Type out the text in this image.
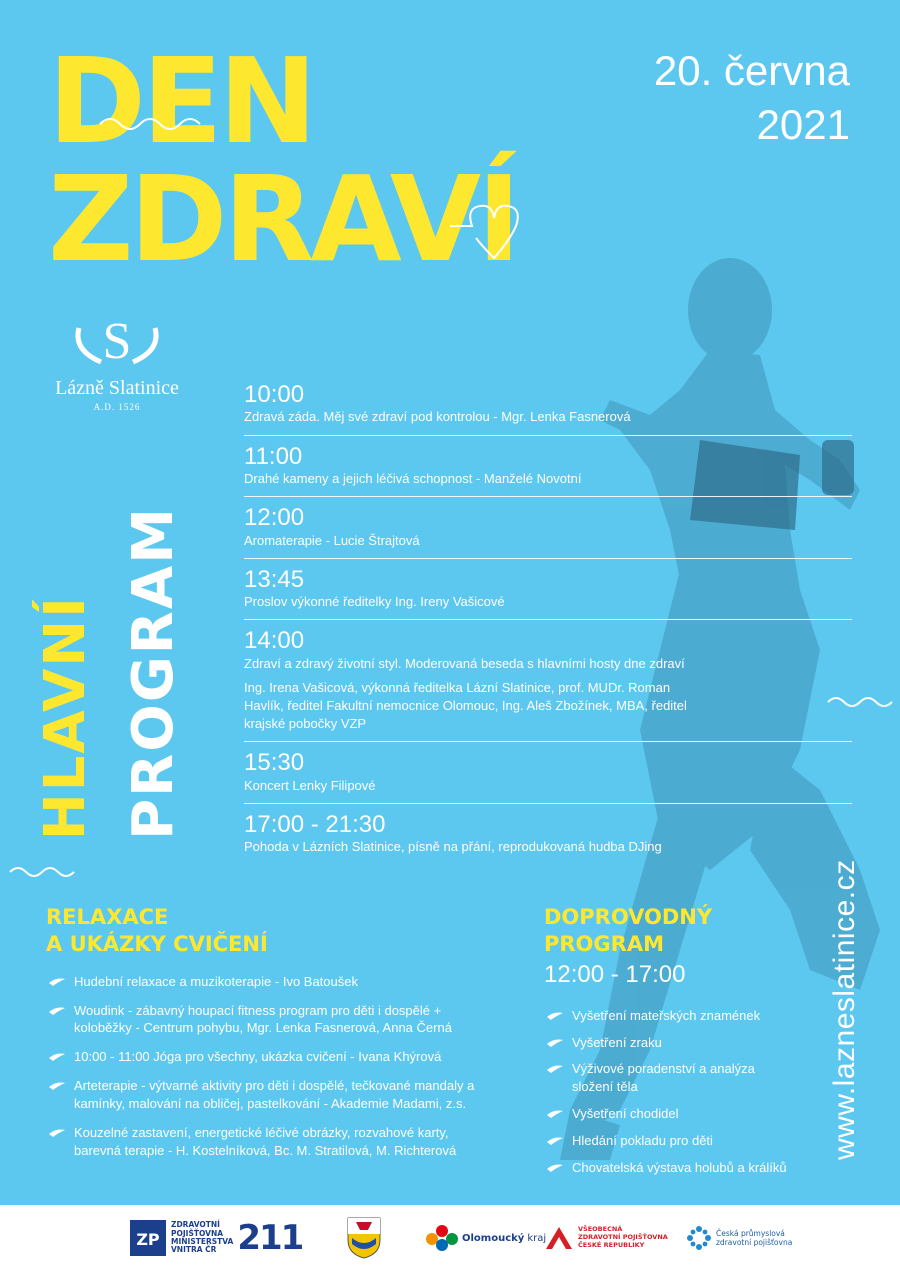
DEN
ZDRAVÍ
20. června
2021
S
Lázně Slatinice
A.D. 1526
HLAVNÍ PROGRAM
10:00
Zdravá záda. Měj své zdraví pod kontrolou - Mgr. Lenka Fasnerová
11:00
Drahé kameny a jejich léčivá schopnost - Manželé Novotní
12:00
Aromaterapie - Lucie Štrajtová
13:45
Proslov výkonné ředitelky Ing. Ireny Vašicové
14:00
Zdraví a zdravý životní styl. Moderovaná beseda s hlavními hosty dne zdraví
Ing. Irena Vašicová, výkonná ředitelka Lázní Slatinice, prof. MUDr. Roman Havlík, ředitel Fakultní nemocnice Olomouc, Ing. Aleš Zbožínek, MBA, ředitel krajské pobočky VZP
15:30
Koncert Lenky Filipové
17:00 - 21:30
Pohoda v Lázních Slatinice, písně na přání, reprodukovaná hudba DJing
RELAXACE
A UKÁZKY CVIČENÍ
Hudební relaxace a muzikoterapie - Ivo Batoušek
Woudink - zábavný houpací fitness program pro děti i dospělé + koloběžky - Centrum pohybu, Mgr. Lenka Fasnerová, Anna Černá
10:00 - 11:00 Jóga pro všechny, ukázka cvičení - Ivana Khýrová
Arteterapie - výtvarné aktivity pro děti i dospělé, tečkované mandaly a kamínky, malování na obličej, pastelkování - Akademie Madami, z.s.
Kouzelné zastavení, energetické léčivé obrázky, rozvahové karty, barevná terapie - H. Kostelníková, Bc. M. Stratilová, M. Richterová
DOPROVODNÝ
PROGRAM
12:00 - 17:00
Vyšetření mateřských znamének
Vyšetření zraku
Výživové poradenství a analýza složení těla
Vyšetření chodidel
Hledání pokladu pro děti
Chovatelská výstava holubů a králíků
www.lazneslatinice.cz
ZP
ZDRAVOTNÍ
POJIŠŤOVNA
MINISTERSTVA
VNITRA ČR 211	Olomoucký kraj
VŠEOBECNÁ
ZDRAVOTNÍ POJIŠŤOVNA
ČESKÉ REPUBLIKY
Česká průmyslová
zdravotní pojišťovna
